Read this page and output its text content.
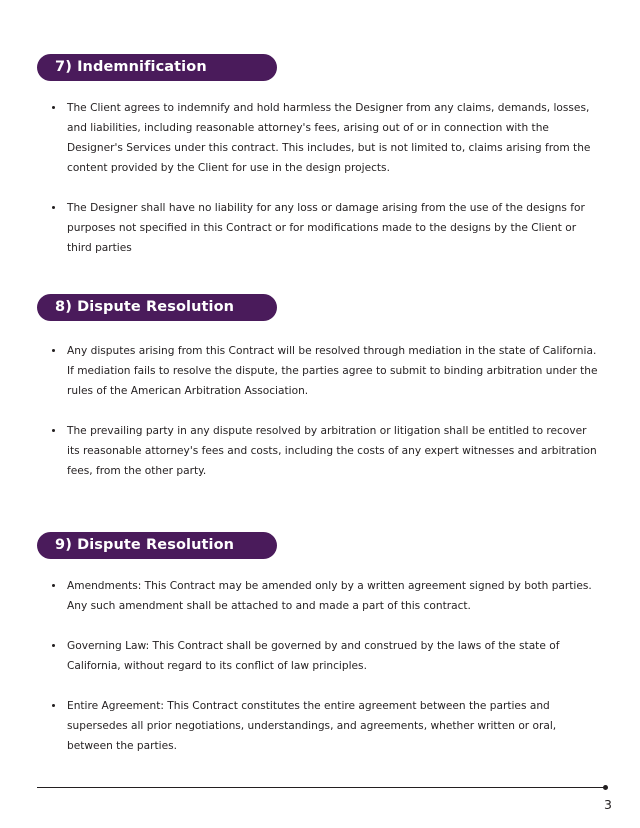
7) Indemnification
The Client agrees to indemnify and hold harmless the Designer from any claims, demands, losses, and liabilities, including reasonable attorney's fees, arising out of or in connection with the Designer's Services under this contract. This includes, but is not limited to, claims arising from the content provided by the Client for use in the design projects.
The Designer shall have no liability for any loss or damage arising from the use of the designs for purposes not specified in this Contract or for modifications made to the designs by the Client or third parties
8) Dispute Resolution
Any disputes arising from this Contract will be resolved through mediation in the state of California. If mediation fails to resolve the dispute, the parties agree to submit to binding arbitration under the rules of the American Arbitration Association.
The prevailing party in any dispute resolved by arbitration or litigation shall be entitled to recover its reasonable attorney's fees and costs, including the costs of any expert witnesses and arbitration fees, from the other party.
9) Dispute Resolution
Amendments: This Contract may be amended only by a written agreement signed by both parties. Any such amendment shall be attached to and made a part of this contract.
Governing Law: This Contract shall be governed by and construed by the laws of the state of California, without regard to its conflict of law principles.
Entire Agreement: This Contract constitutes the entire agreement between the parties and supersedes all prior negotiations, understandings, and agreements, whether written or oral, between the parties.
3
